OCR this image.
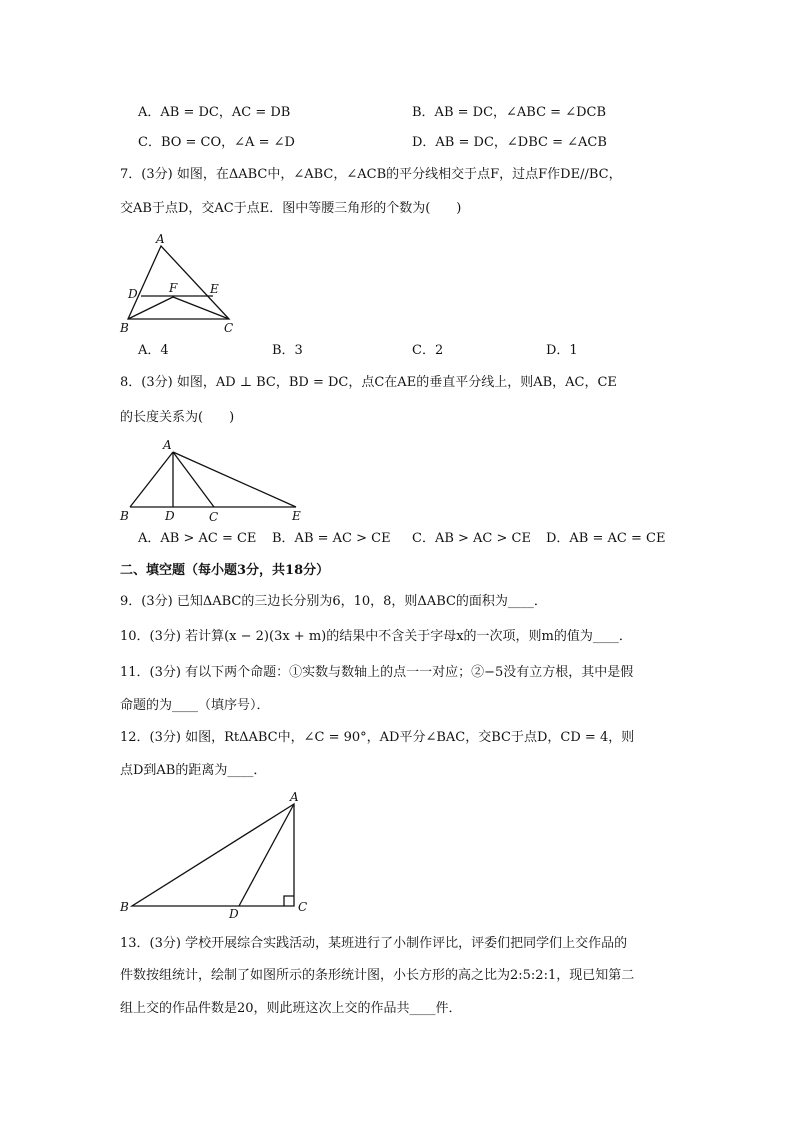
A．AB = DC，AC = DB	B．AB = DC，∠ABC = ∠DCB
C．BO = CO，∠A = ∠D	D．AB = DC，∠DBC = ∠ACB
7．(3分) 如图，在ΔABC中，∠ABC，∠ACB的平分线相交于点F，过点F作DE//BC，
交AB于点D，交AC于点E．图中等腰三角形的个数为(　　)
A
D	F	E
B	C
A．4	B．3	C．2	D．1
8．(3分) 如图，AD ⊥ BC，BD = DC，点C在AE的垂直平分线上，则AB，AC，CE
的长度关系为(　　)
A
B	D	C	E
A．AB > AC = CE B．AB = AC > CE C．AB > AC > CE D．AB = AC = CE
二、填空题（每小题3分，共18分）
9．(3分) 已知ΔABC的三边长分别为6，10，8，则ΔABC的面积为____．
10．(3分) 若计算(x − 2)(3x + m)的结果中不含关于字母x的一次项，则m的值为____．
11．(3分) 有以下两个命题：①实数与数轴上的点一一对应；②−5没有立方根，其中是假
命题的为____（填序号）．
12．(3分) 如图，RtΔABC中，∠C = 90°，AD平分∠BAC，交BC于点D，CD = 4，则
点D到AB的距离为____．
A
B	D	C
13．(3分) 学校开展综合实践活动，某班进行了小制作评比，评委们把同学们上交作品的
件数按组统计，绘制了如图所示的条形统计图，小长方形的高之比为2:5:2:1，现已知第二
组上交的作品件数是20，则此班这次上交的作品共____件．
